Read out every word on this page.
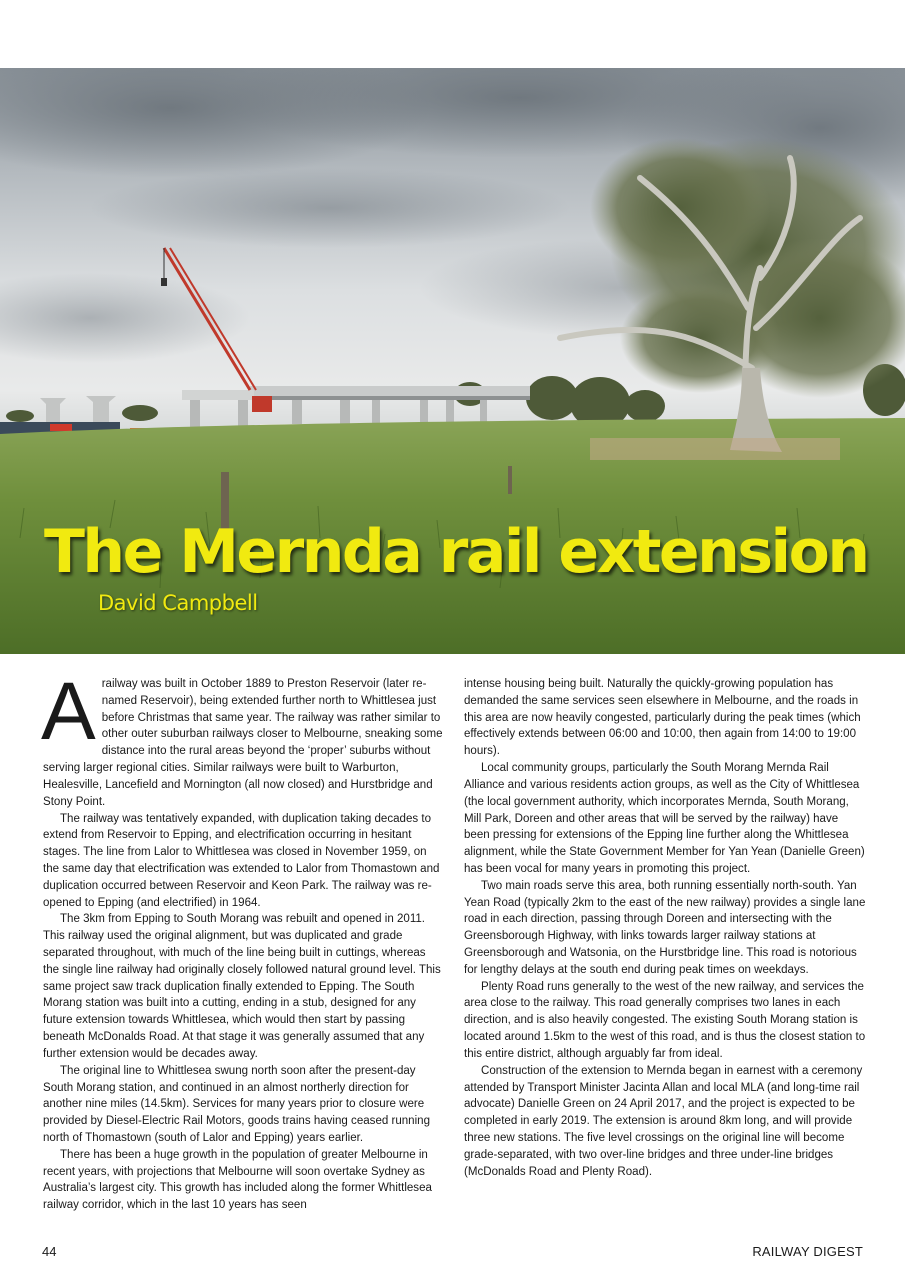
The Mernda rail extension

David Campbell

A railway was built in October 1889 to Preston Reservoir (later re-named Reservoir), being extended further north to Whittlesea just before Christmas that same year. The railway was rather similar to other outer suburban railways closer to Melbourne, sneaking some distance into the rural areas beyond the ‘proper’ suburbs without serving larger regional cities. Similar railways were built to Warburton, Healesville, Lancefield and Mornington (all now closed) and Hurstbridge and Stony Point.

The railway was tentatively expanded, with duplication taking decades to extend from Reservoir to Epping, and electrification occurring in hesitant stages. The line from Lalor to Whittlesea was closed in November 1959, on the same day that electrification was extended to Lalor from Thomastown and duplication occurred between Reservoir and Keon Park. The railway was re-opened to Epping (and electrified) in 1964.

The 3km from Epping to South Morang was rebuilt and opened in 2011. This railway used the original alignment, but was duplicated and grade separated throughout, with much of the line being built in cuttings, whereas the single line railway had originally closely followed natural ground level. This same project saw track duplication finally extended to Epping. The South Morang station was built into a cutting, ending in a stub, designed for any future extension towards Whittlesea, which would then start by passing beneath McDonalds Road. At that stage it was generally assumed that any further extension would be decades away.

The original line to Whittlesea swung north soon after the present-day South Morang station, and continued in an almost northerly direction for another nine miles (14.5km). Services for many years prior to closure were provided by Diesel-Electric Rail Motors, goods trains having ceased running north of Thomastown (south of Lalor and Epping) years earlier.

There has been a huge growth in the population of greater Melbourne in recent years, with projections that Melbourne will soon overtake Sydney as Australia’s largest city. This growth has included along the former Whittlesea railway corridor, which in the last 10 years has seen

intense housing being built. Naturally the quickly-growing population has demanded the same services seen elsewhere in Melbourne, and the roads in this area are now heavily congested, particularly during the peak times (which effectively extends between 06:00 and 10:00, then again from 14:00 to 19:00 hours).

Local community groups, particularly the South Morang Mernda Rail Alliance and various residents action groups, as well as the City of Whittlesea (the local government authority, which incorporates Mernda, South Morang, Mill Park, Doreen and other areas that will be served by the railway) have been pressing for extensions of the Epping line further along the Whittlesea alignment, while the State Government Member for Yan Yean (Danielle Green) has been vocal for many years in promoting this project.

Two main roads serve this area, both running essentially north-south. Yan Yean Road (typically 2km to the east of the new railway) provides a single lane road in each direction, passing through Doreen and intersecting with the Greensborough Highway, with links towards larger railway stations at Greensborough and Watsonia, on the Hurstbridge line. This road is notorious for lengthy delays at the south end during peak times on weekdays.

Plenty Road runs generally to the west of the new railway, and services the area close to the railway. This road generally comprises two lanes in each direction, and is also heavily congested. The existing South Morang station is located around 1.5km to the west of this road, and is thus the closest station to this entire district, although arguably far from ideal.

Construction of the extension to Mernda began in earnest with a ceremony attended by Transport Minister Jacinta Allan and local MLA (and long-time rail advocate) Danielle Green on 24 April 2017, and the project is expected to be completed in early 2019. The extension is around 8km long, and will provide three new stations. The five level crossings on the original line will become grade-separated, with two over-line bridges and three under-line bridges (McDonalds Road and Plenty Road).

44	RAILWAY DIGEST
